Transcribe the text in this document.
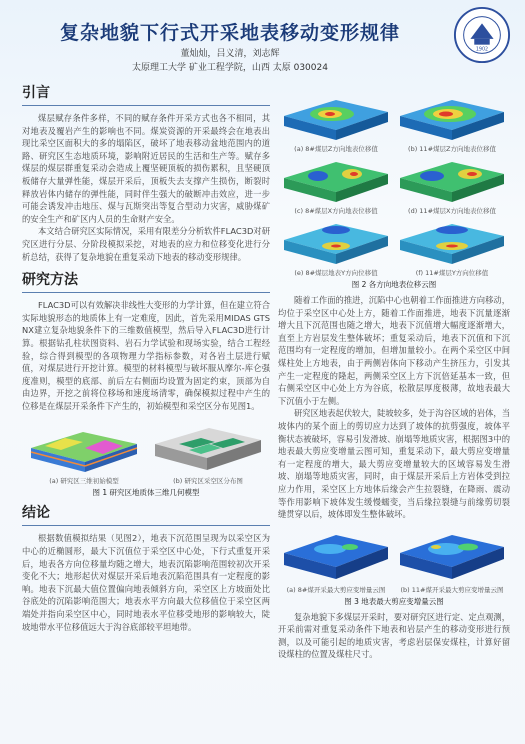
复杂地貌下行式开采地表移动变形规律
董灿灿，吕义清，刘志辉
太原理工大学 矿业工程学院，山西 太原 030024
1902
引言

煤层赋存条件多样，不同的赋存条件开采方式也各不相同，其对地表及覆岩产生的影响也不同。煤炭资源的开采最终会在地表出现比采空区面积大的多的塌陷区，破坏了地表移动盆地范围内的道路、研究区生态地质环境，影响附近居民的生活和生产等。赋存多煤层的煤层群重复采动会造成上覆坚硬顶板的损伤累积，且坚硬顶板储存大量弹性能，煤层开采后，顶板失去支撑产生损伤，断裂时释放岩体内储存的弹性能，同时伴生强大的破断冲击效应，进一步可能会诱发冲击地压、煤与瓦斯突出等复合型动力灾害，威胁煤矿的安全生产和矿区内人员的生命财产安全。

本文结合研究区实际情况，采用有限差分分析软件FLAC3D对研究区进行分层、分阶段模拟采挖，对地表的应力和位移变化进行分析总结，获得了复杂地貌在重复采动下地表的移动变形规律。

研究方法

FLAC3D可以有效解决非线性大变形的力学计算，但在建立符合实际地貌形态的地质体上有一定难度，因此，首先采用MIDAS GTS NX建立复杂地貌条件下的三维数值模型，然后导入FLAC3D进行计算。根据钻孔柱状图资料、岩石力学试验和现场实验，结合工程经验，综合得到模型的各项物理力学指标参数，对各岩土层进行赋值，对煤层进行开挖计算。模型的材料模型与破坏服从摩尔-库仑强度准则，模型的底部、前后左右侧面均设置为固定约束，顶部为自由边界，开挖之前将位移场和速度场清零，确保模拟过程中产生的位移是在煤层开采条件下产生的，初始模型和采空区分布见图1。

(a) 研究区三维初始模型	(b) 研究区采空区分布图
图 1 研究区地质体三维几何模型
结论

根据数值模拟结果（见图2），地表下沉范围呈现为以采空区为中心的近椭圆形，最大下沉值位于采空区中心处，下行式重复开采后，地表各方向位移量均随之增大，地表沉陷影响范围较初次开采变化不大；地形起伏对煤层开采后地表沉陷范围具有一定程度的影响。地表下沉最大值位置偏向地表倾斜方向，采空区上方坡面处比谷底处的沉陷影响范围大；地表水平方向最大位移值位于采空区两端处并指向采空区中心，同时地表水平位移受地形的影响较大，陡坡地带水平位移值远大于沟谷底部较平坦地带。

(a) 8#煤层Z方向地表位移值	(b) 11#煤层Z方向地表位移值
(c) 8#煤层X方向地表位移值	(d) 11#煤层X方向地表位移值
(e) 8#煤层地表Y方向位移值	(f) 11#煤层Y方向位移值
图 2 各方向地表位移云图

随着工作面的推进，沉陷中心也朝着工作面推进方向移动，均位于采空区中心处上方，随着工作面推进，地表下沉量逐渐增大且下沉范围也随之增大，地表下沉值增大幅度逐渐增大，直至上方岩层发生整体破坏；重复采动后，地表下沉值和下沉范围均有一定程度的增加，但增加量较小。在两个采空区中间煤柱处上方地表，由于两侧岩体向下移动产生挤压力，引发其产生一定程度的隆起，两侧采空区上方下沉倍延基本一致，但右侧采空区中心处上方为谷底，松散层厚度极薄，故地表最大下沉值小于左侧。

研究区地表起伏较大，陡坡较多，处于沟谷区域的岩体，当坡体内的某个面上的剪切应力达到了坡体的抗剪强度，坡体平衡状态被破坏，容易引发滑坡、崩塌等地质灾害，根据图3中的地表最大剪应变增量云图可知，重复采动下，最大剪应变增量有一定程度的增大，最大剪应变增量较大的区域容易发生滑坡、崩塌等地质灾害，同时，由于煤层开采后上方岩体受到拉应力作用，采空区上方地体后缘会产生拉裂缝，在降雨、震动等作用影响下坡体发生缓慢蠕变，当后缘拉裂缝与前缘剪切裂缝贯穿以后，坡体即发生整体破坏。

(a) 8#煤开采最大剪应变增量云图 (b) 11#煤开采最大剪应变增量云图
图 3 地表最大剪应变增量云图

复杂地貌下多煤层开采时，要对研究区进行定、定点观测，开采前需对重复采动条件下地表和岩层产生的移动变形进行预测，以及可能引起的地质灾害，考虑岩层保安煤柱，计算好留设煤柱的位置及煤柱尺寸。
